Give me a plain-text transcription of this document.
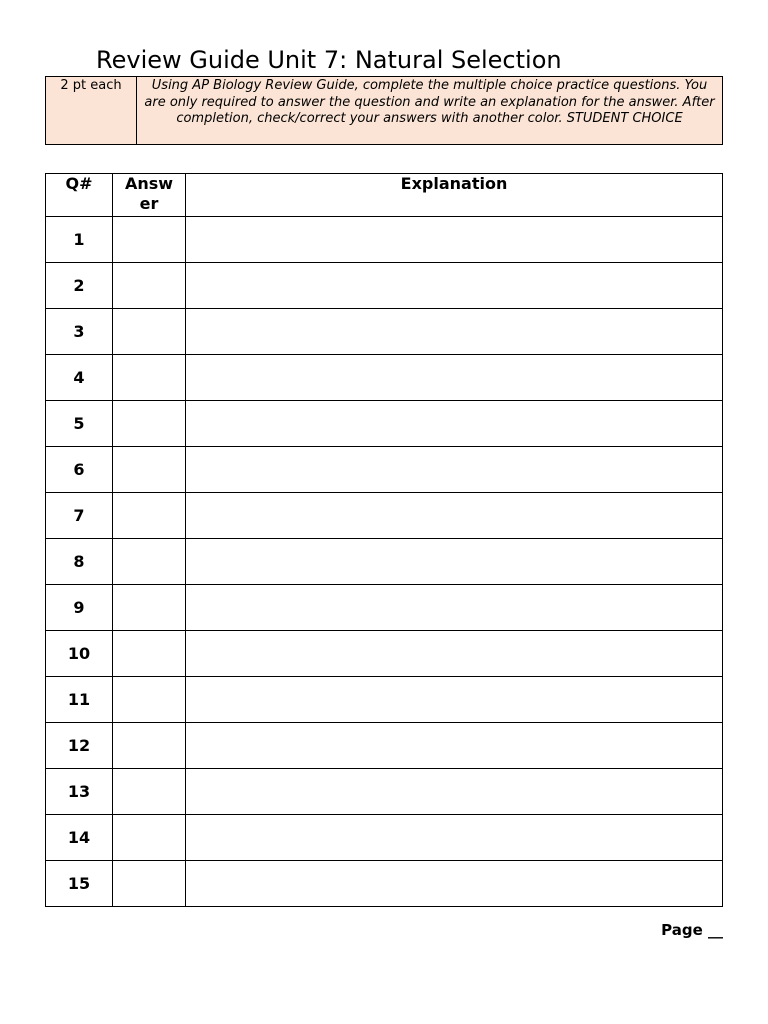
Review Guide Unit 7: Natural Selection
2 pt each	Using AP Biology Review Guide, complete the multiple choice practice questions. You are only required to answer the question and write an explanation for the answer. After completion, check/correct your answers with another color. STUDENT CHOICE
Q#	Answ er	Explanation
1		
2		
3		
4		
5		
6		
7		
8		
9		
10		
11		
12		
13		
14		
15		
Page __
